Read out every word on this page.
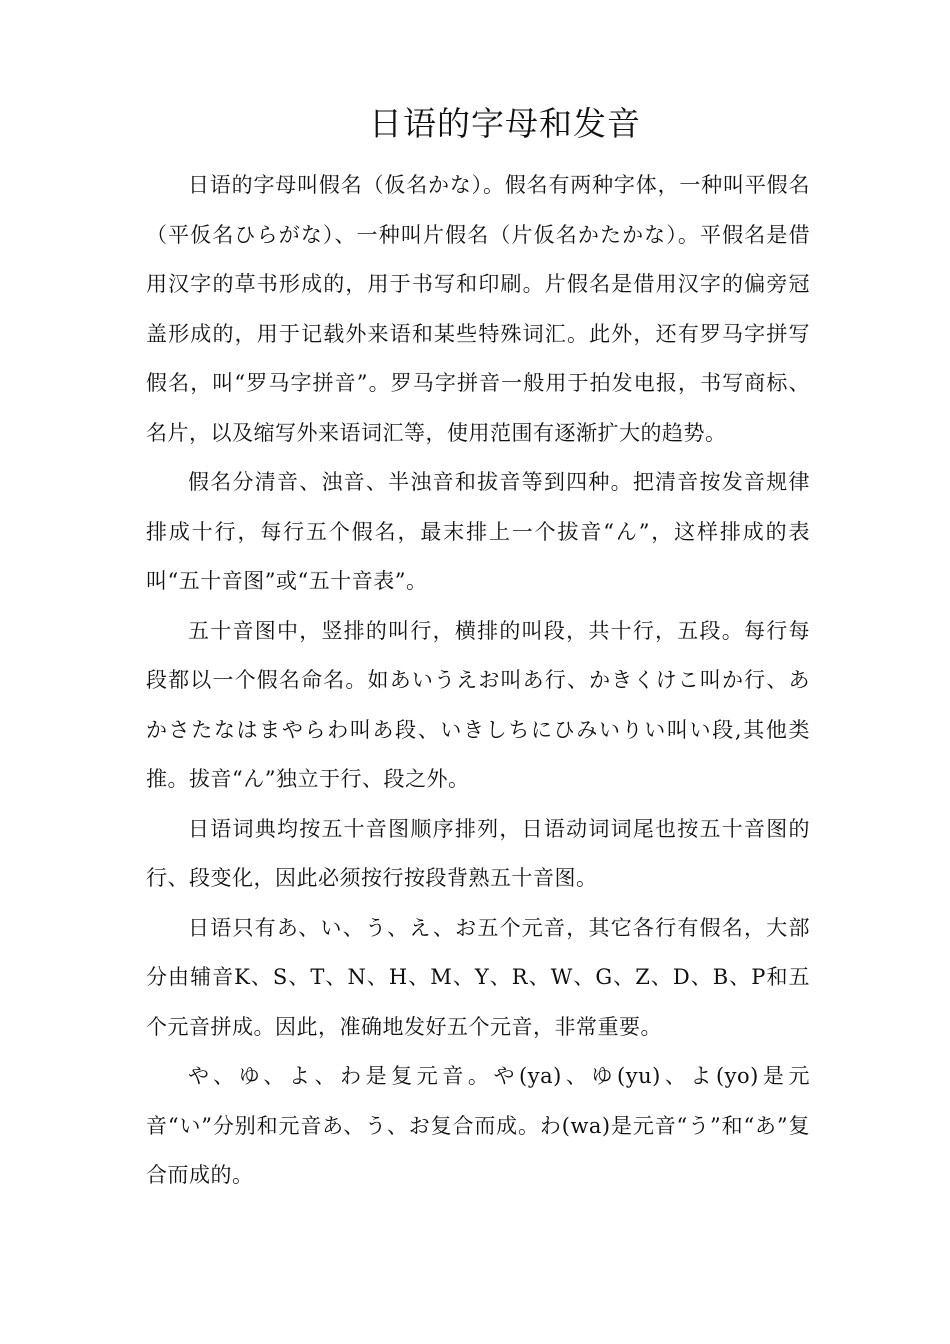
日语的字母和发音

日语的字母叫假名（仮名かな）。假名有两种字体，一种叫平假名（平仮名ひらがな）、一种叫片假名（片仮名かたかな）。平假名是借用汉字的草书形成的，用于书写和印刷。片假名是借用汉字的偏旁冠盖形成的，用于记载外来语和某些特殊词汇。此外，还有罗马字拼写假名，叫“罗马字拼音”。罗马字拼音一般用于拍发电报，书写商标、名片，以及缩写外来语词汇等，使用范围有逐渐扩大的趋势。

假名分清音、浊音、半浊音和拔音等到四种。把清音按发音规律排成十行，每行五个假名，最末排上一个拔音“ん”，这样排成的表叫“五十音图”或“五十音表”。

五十音图中，竖排的叫行，横排的叫段，共十行，五段。每行每段都以一个假名命名。如あいうえお叫あ行、かきくけこ叫か行、あかさたなはまやらわ叫あ段、いきしちにひみいりい叫い段,其他类推。拔音“ん”独立于行、段之外。

日语词典均按五十音图顺序排列，日语动词词尾也按五十音图的行、段变化，因此必须按行按段背熟五十音图。

日语只有あ、い、う、え、お五个元音，其它各行有假名，大部分由辅音K、S、T、N、H、M、Y、R、W、G、Z、D、B、P和五个元音拼成。因此，准确地发好五个元音，非常重要。

や、ゆ、よ、わ是复元音。や(ya)、ゆ(yu)、よ(yo)是元音“い”分别和元音あ、う、お复合而成。わ(wa)是元音“う”和“あ”复合而成的。
